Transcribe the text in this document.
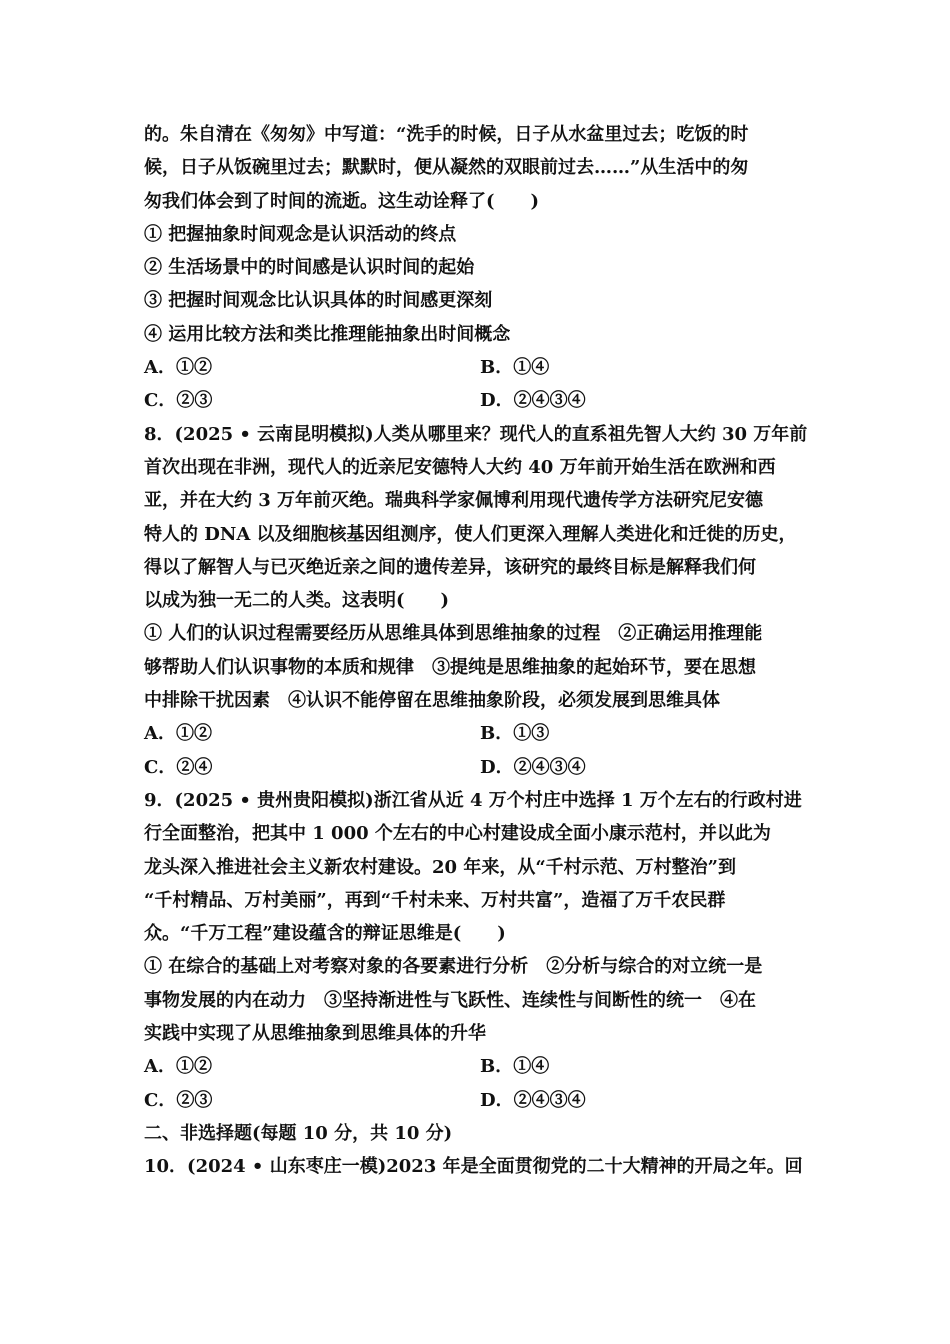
的。朱自清在《匆匆》中写道：“洗手的时候，日子从水盆里过去；吃饭的时
候，日子从饭碗里过去；默默时，便从凝然的双眼前过去……”从生活中的匆
匆我们体会到了时间的流逝。这生动诠释了(　　)
① 把握抽象时间观念是认识活动的终点
② 生活场景中的时间感是认识时间的起始
③ 把握时间观念比认识具体的时间感更深刻
④ 运用比较方法和类比推理能抽象出时间概念
A．①②	B．①④
C．②③	D．②④③④
8．(2025 • 云南昆明模拟)人类从哪里来？现代人的直系祖先智人大约 30 万年前
首次出现在非洲，现代人的近亲尼安德特人大约 40 万年前开始生活在欧洲和西
亚，并在大约 3 万年前灭绝。瑞典科学家佩博利用现代遗传学方法研究尼安德
特人的 DNA 以及细胞核基因组测序，使人们更深入理解人类进化和迁徙的历史，
得以了解智人与已灭绝近亲之间的遗传差异，该研究的最终目标是解释我们何
以成为独一无二的人类。这表明(　　)
① 人们的认识过程需要经历从思维具体到思维抽象的过程　②正确运用推理能
够帮助人们认识事物的本质和规律　③提纯是思维抽象的起始环节，要在思想
中排除干扰因素　④认识不能停留在思维抽象阶段，必须发展到思维具体
A．①②	B．①③
C．②④	D．②④③④
9．(2025 • 贵州贵阳模拟)浙江省从近 4 万个村庄中选择 1 万个左右的行政村进
行全面整治，把其中 1 000 个左右的中心村建设成全面小康示范村，并以此为
龙头深入推进社会主义新农村建设。20 年来，从“千村示范、万村整治”到
“千村精品、万村美丽”，再到“千村未来、万村共富”，造福了万千农民群
众。“千万工程”建设蕴含的辩证思维是(　　)
① 在综合的基础上对考察对象的各要素进行分析　②分析与综合的对立统一是
事物发展的内在动力　③坚持渐进性与飞跃性、连续性与间断性的统一　④在
实践中实现了从思维抽象到思维具体的升华
A．①②	B．①④
C．②③	D．②④③④
二、非选择题(每题 10 分，共 10 分)
10．(2024 • 山东枣庄一模)2023 年是全面贯彻党的二十大精神的开局之年。回
